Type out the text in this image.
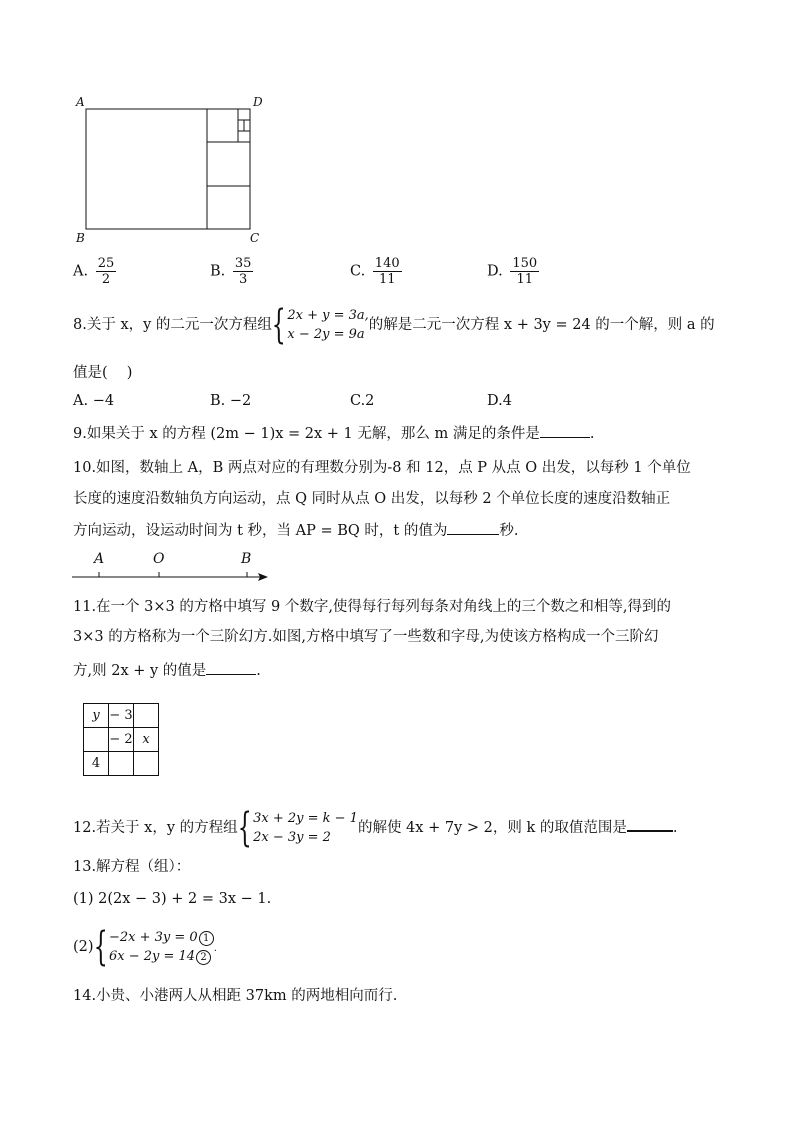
A	D
B	C
A. $\frac{25}{2}$	B. $\frac{35}{3}$	C. $\frac{140}{11}$	D. $\frac{150}{11}$
8.关于 x，y 的二元一次方程组 { 2x + y = 3a,
x − 2y = 9a
的解是二元一次方程 x + 3y = 24 的一个解，则 a 的
值是(　 )
A. −4	B. −2	C.2	D.4
9.如果关于 x 的方程 (2m − 1)x = 2x + 1 无解，那么 m 满足的条件是	.
10.如图，数轴上 A，B 两点对应的有理数分别为-8 和 12，点 P 从点 O 出发，以每秒 1 个单位
长度的速度沿数轴负方向运动，点 Q 同时从点 O 出发，以每秒 2 个单位长度的速度沿数轴正
方向运动，设运动时间为 t 秒，当 AP = BQ 时，t 的值为	秒.
A	O	B
11.在一个 3×3 的方格中填写 9 个数字,使得每行每列每条对角线上的三个数之和相等,得到的
3×3 的方格称为一个三阶幻方.如图,方格中填写了一些数和字母,为使该方格构成一个三阶幻
方,则 2x + y 的值是	.
y	− 3	
	− 2	x
4		
12.若关于 x，y 的方程组 { 3x + 2y = k − 1
2x − 3y = 2
的解使 4x + 7y > 2，则 k 的取值范围是	.
13.解方程（组）：
(1) 2(2x − 3) + 2 = 3x − 1.
(2) { −2x + 3y = 0 1
6x − 2y = 14 2
.
14.小贵、小港两人从相距 37km 的两地相向而行.
